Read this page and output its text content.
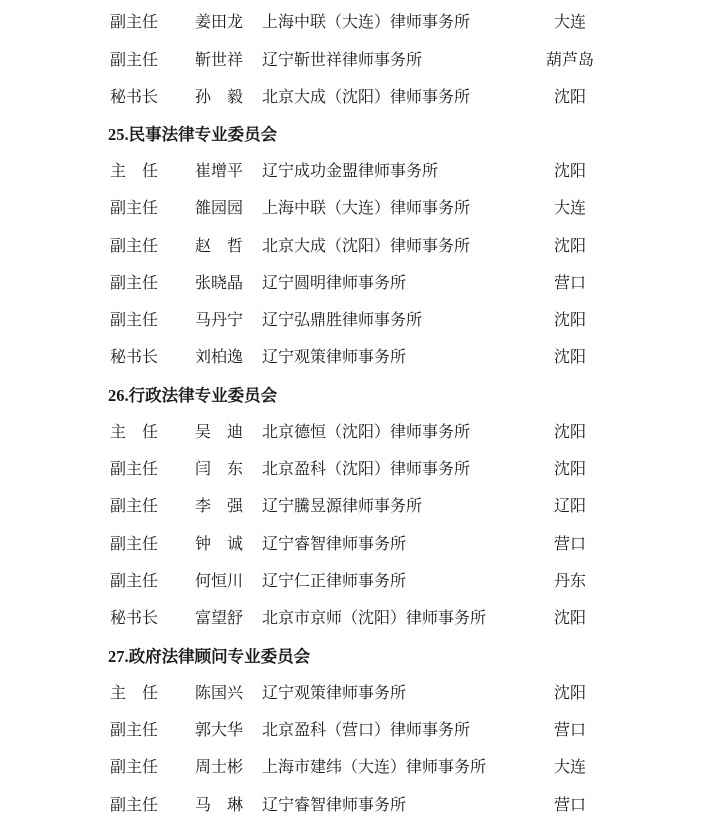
副主任 姜田龙 上海中联（大连）律师事务所	大连
副主任 靳世祥 辽宁靳世祥律师事务所	葫芦岛
秘书长 孙　毅 北京大成（沈阳）律师事务所	沈阳
25.民事法律专业委员会
主　任 崔增平 辽宁成功金盟律师事务所	沈阳
副主任 雒园园 上海中联（大连）律师事务所	大连
副主任 赵　哲 北京大成（沈阳）律师事务所	沈阳
副主任 张晓晶 辽宁圆明律师事务所	营口
副主任 马丹宁 辽宁弘鼎胜律师事务所	沈阳
秘书长 刘柏逸 辽宁观策律师事务所	沈阳
26.行政法律专业委员会
主　任 吴　迪 北京德恒（沈阳）律师事务所	沈阳
副主任 闫　东 北京盈科（沈阳）律师事务所	沈阳
副主任 李　强 辽宁騰昱源律师事务所	辽阳
副主任 钟　诚 辽宁睿智律师事务所	营口
副主任 何恒川 辽宁仁正律师事务所	丹东
秘书长 富望舒 北京市京师（沈阳）律师事务所	沈阳
27.政府法律顾问专业委员会
主　任 陈国兴 辽宁观策律师事务所	沈阳
副主任 郭大华 北京盈科（营口）律师事务所	营口
副主任 周士彬 上海市建纬（大连）律师事务所	大连
副主任 马　琳 辽宁睿智律师事务所	营口
